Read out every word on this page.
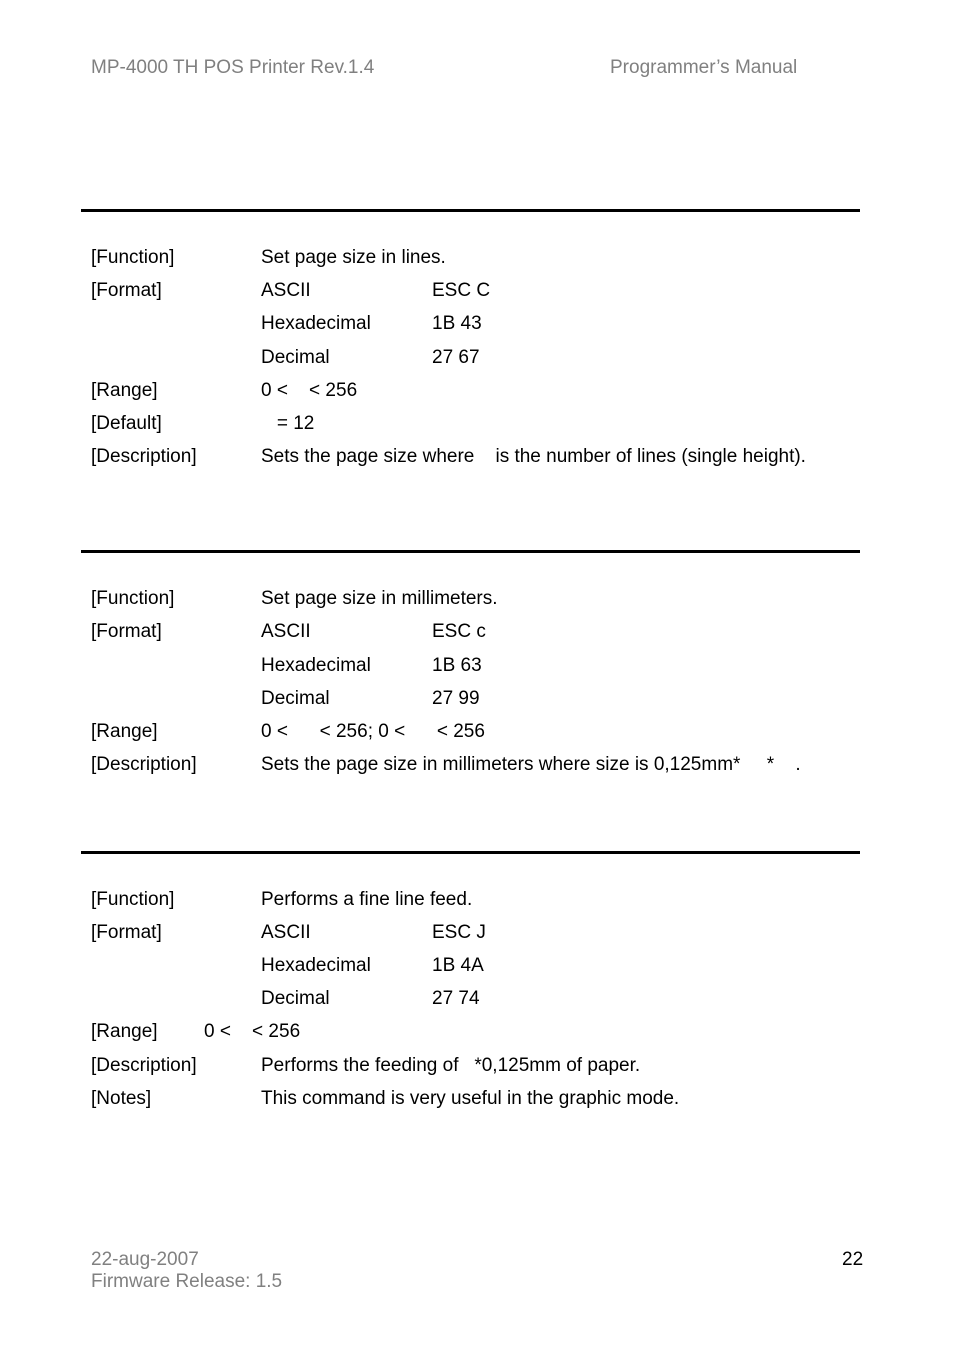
MP-4000 TH POS Printer Rev.1.4	Programmer’s Manual
[Function]	Set page size in lines.
[Format]	ASCII	ESC C
Hexadecimal	1B 43
Decimal	27 67
[Range]	0 <    < 256
[Default]	= 12
[Description]	Sets the page size where    is the number of lines (single height).
[Function]	Set page size in millimeters.
[Format]	ASCII	ESC c
Hexadecimal	1B 63
Decimal	27 99
[Range]	0 <      < 256; 0 <      < 256
[Description]	Sets the page size in millimeters where size is 0,125mm*     *    .
[Function]	Performs a fine line feed.
[Format]	ASCII	ESC J
Hexadecimal	1B 4A
Decimal	27 74
[Range] 0 <    < 256
[Description]	Performs the feeding of   *0,125mm of paper.
[Notes]	This command is very useful in the graphic mode.
22-aug-2007
Firmware Release: 1.5
22
